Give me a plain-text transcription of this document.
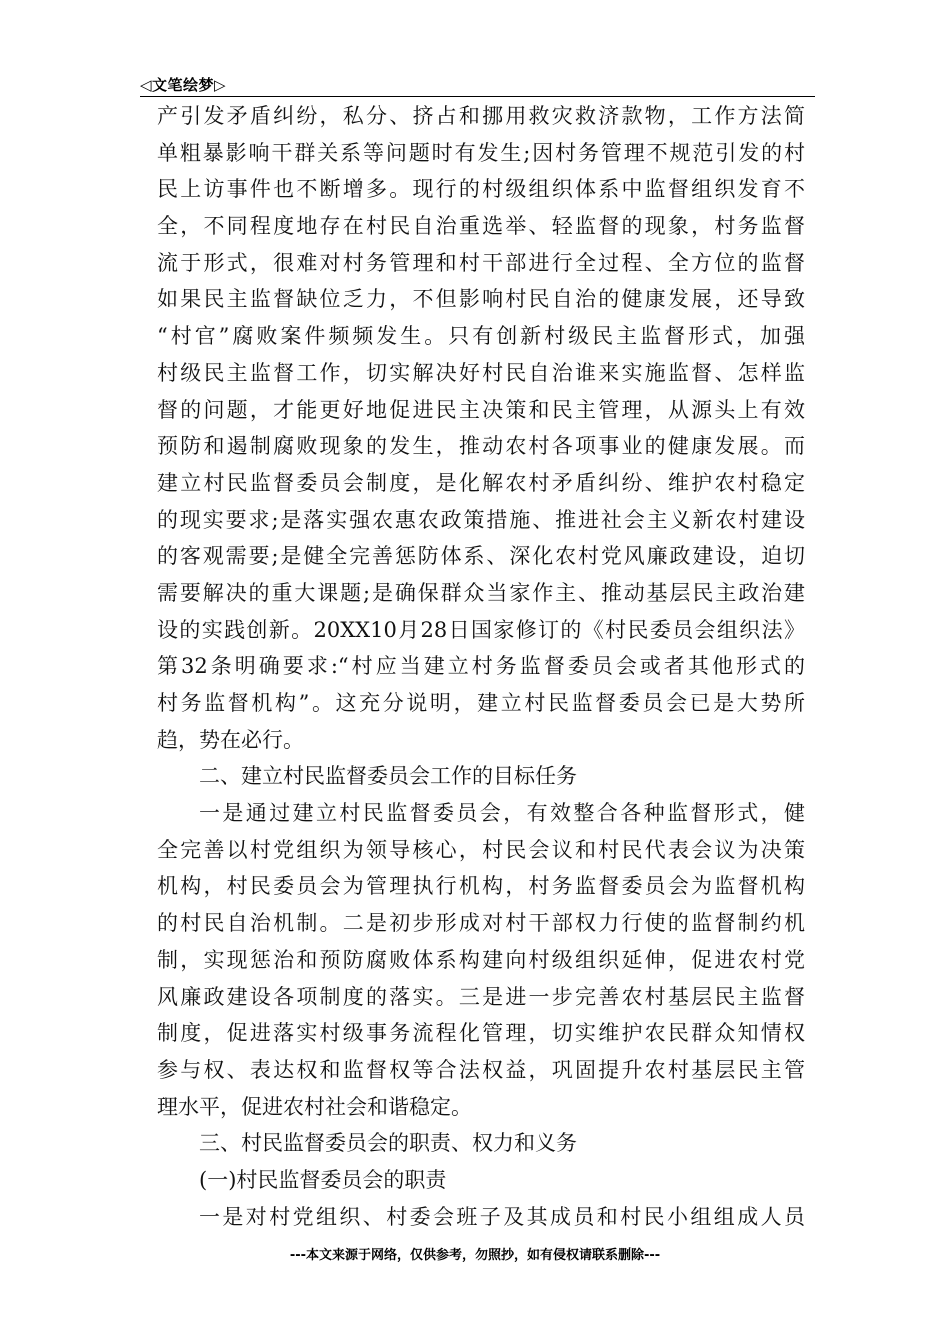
◁文笔绘梦▷
产引发矛盾纠纷，私分、挤占和挪用救灾救济款物，工作方法简
单粗暴影响干群关系等问题时有发生;因村务管理不规范引发的村
民上访事件也不断增多。现行的村级组织体系中监督组织发育不
全，不同程度地存在村民自治重选举、轻监督的现象，村务监督
流于形式，很难对村务管理和村干部进行全过程、全方位的监督
如果民主监督缺位乏力，不但影响村民自治的健康发展，还导致
“村官”腐败案件频频发生。只有创新村级民主监督形式，加强
村级民主监督工作，切实解决好村民自治谁来实施监督、怎样监
督的问题，才能更好地促进民主决策和民主管理，从源头上有效
预防和遏制腐败现象的发生，推动农村各项事业的健康发展。而
建立村民监督委员会制度，是化解农村矛盾纠纷、维护农村稳定
的现实要求;是落实强农惠农政策措施、推进社会主义新农村建设
的客观需要;是健全完善惩防体系、深化农村党风廉政建设，迫切
需要解决的重大课题;是确保群众当家作主、推动基层民主政治建
设的实践创新。20XX10月28日国家修订的《村民委员会组织法》
第32条明确要求:“村应当建立村务监督委员会或者其他形式的
村务监督机构”。这充分说明，建立村民监督委员会已是大势所
趋，势在必行。
二、建立村民监督委员会工作的目标任务
一是通过建立村民监督委员会，有效整合各种监督形式，健
全完善以村党组织为领导核心，村民会议和村民代表会议为决策
机构，村民委员会为管理执行机构，村务监督委员会为监督机构
的村民自治机制。二是初步形成对村干部权力行使的监督制约机
制，实现惩治和预防腐败体系构建向村级组织延伸，促进农村党
风廉政建设各项制度的落实。三是进一步完善农村基层民主监督
制度，促进落实村级事务流程化管理，切实维护农民群众知情权
参与权、表达权和监督权等合法权益，巩固提升农村基层民主管
理水平，促进农村社会和谐稳定。
三、村民监督委员会的职责、权力和义务
(一)村民监督委员会的职责
一是对村党组织、村委会班子及其成员和村民小组组成人员
---本文来源于网络，仅供参考，勿照抄，如有侵权请联系删除---
